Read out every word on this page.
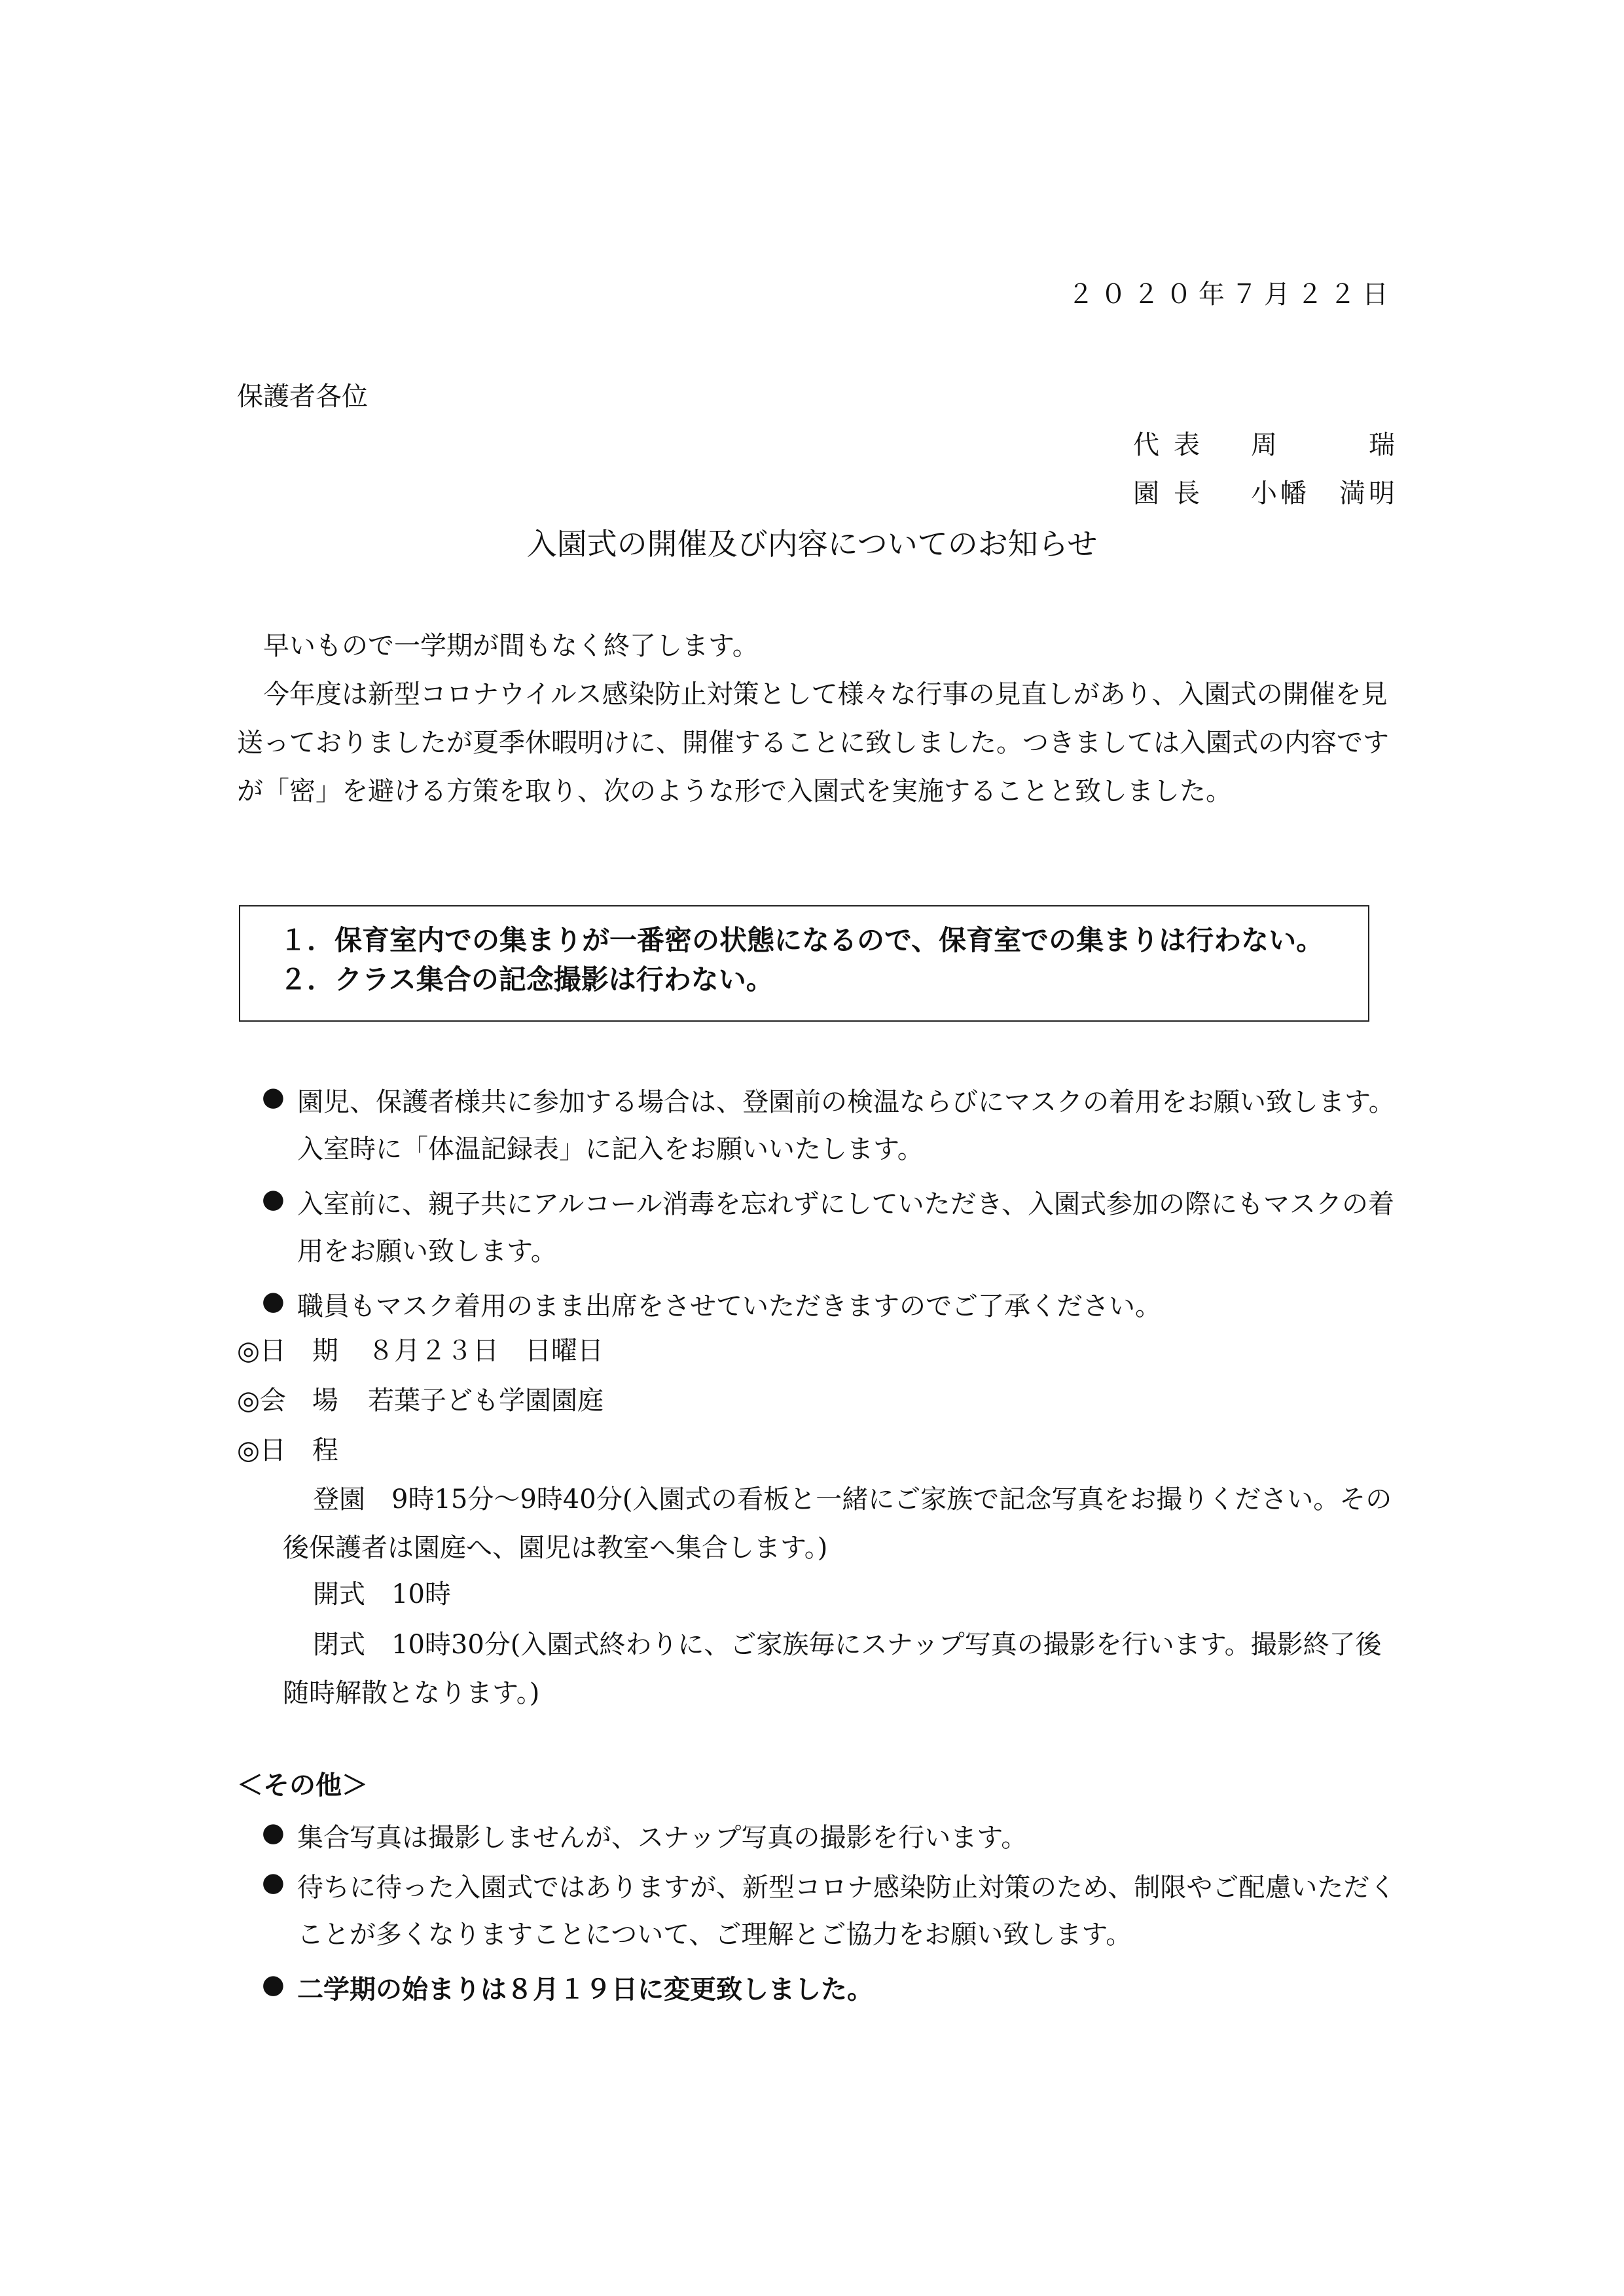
２０２０年７月２２日
保護者各位
代表	周　瑞
園長	小幡　満明
入園式の開催及び内容についてのお知らせ
早いもので一学期が間もなく終了します。
今年度は新型コロナウイルス感染防止対策として様々な行事の見直しがあり、入園式の開催を見送っておりましたが夏季休暇明けに、開催することに致しました。つきましては入園式の内容ですが「密」を避ける方策を取り、次のような形で入園式を実施することと致しました。
１．保育室内での集まりが一番密の状態になるので、保育室での集まりは行わない。
２．クラス集合の記念撮影は行わない。
● 園児、保護者様共に参加する場合は、登園前の検温ならびにマスクの着用をお願い致します。入室時に「体温記録表」に記入をお願いいたします。
● 入室前に、親子共にアルコール消毒を忘れずにしていただき、入園式参加の際にもマスクの着用をお願い致します。
● 職員もマスク着用のまま出席をさせていただきますのでご了承ください。
◎日　期 ８月２３日　日曜日
◎会　場 若葉子ども学園園庭
◎日　程
登園　9時15分～9時40分(入園式の看板と一緒にご家族で記念写真をお撮りください。その後保護者は園庭へ、園児は教室へ集合します。)
開式　10時
閉式　10時30分(入園式終わりに、ご家族毎にスナップ写真の撮影を行います。撮影終了後随時解散となります。)
＜その他＞
● 集合写真は撮影しませんが、スナップ写真の撮影を行います。
● 待ちに待った入園式ではありますが、新型コロナ感染防止対策のため、制限やご配慮いただくことが多くなりますことについて、ご理解とご協力をお願い致します。
● 二学期の始まりは８月１９日に変更致しました。
